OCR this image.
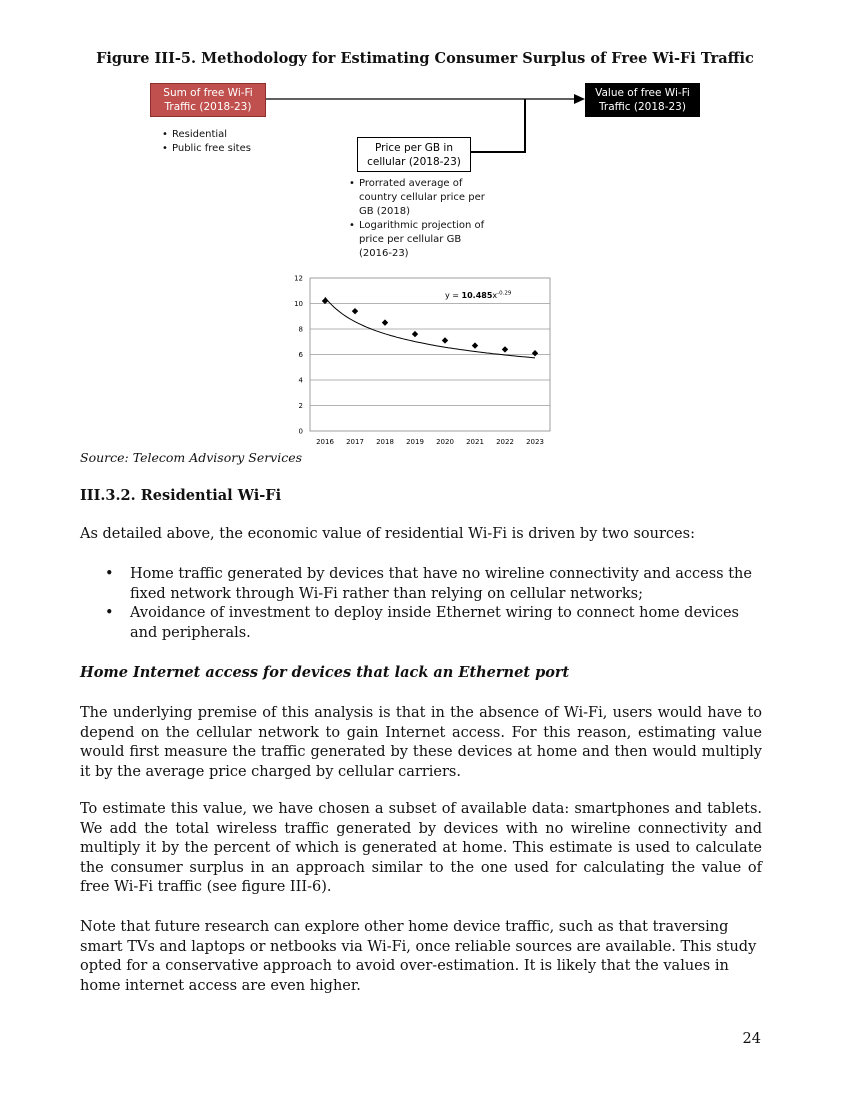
Figure III-5. Methodology for Estimating Consumer Surplus of Free Wi-Fi Traffic
Sum of free Wi-Fi
Traffic (2018-23)
Value of free Wi-Fi
Traffic (2018-23)
Price per GB in
cellular (2018-23)
• Residential
• Public free sites
• Prorrated average of country cellular price per GB (2018)
• Logarithmic projection of price per cellular GB (2016-23)
0
2
4
6
8
10
12
2016 2017 2018 2019 2020 2021 2022 2023
$y = 10.485x^{-0.29}$
Source: Telecom Advisory Services
III.3.2. Residential Wi-Fi
As detailed above, the economic value of residential Wi-Fi is driven by two sources:
• Home traffic generated by devices that have no wireline connectivity and access the fixed network through Wi-Fi rather than relying on cellular networks;
• Avoidance of investment to deploy inside Ethernet wiring to connect home devices and peripherals.
Home Internet access for devices that lack an Ethernet port
The underlying premise of this analysis is that in the absence of Wi-Fi, users would have to depend on the cellular network to gain Internet access. For this reason, estimating value would first measure the traffic generated by these devices at home and then would multiply it by the average price charged by cellular carriers.
To estimate this value, we have chosen a subset of available data: smartphones and tablets. We add the total wireless traffic generated by devices with no wireline connectivity and multiply it by the percent of which is generated at home. This estimate is used to calculate the consumer surplus in an approach similar to the one used for calculating the value of free Wi-Fi traffic (see figure III-6).
Note that future research can explore other home device traffic, such as that traversing smart TVs and laptops or netbooks via Wi-Fi, once reliable sources are available. This study opted for a conservative approach to avoid over-estimation. It is likely that the values in home internet access are even higher.
24
